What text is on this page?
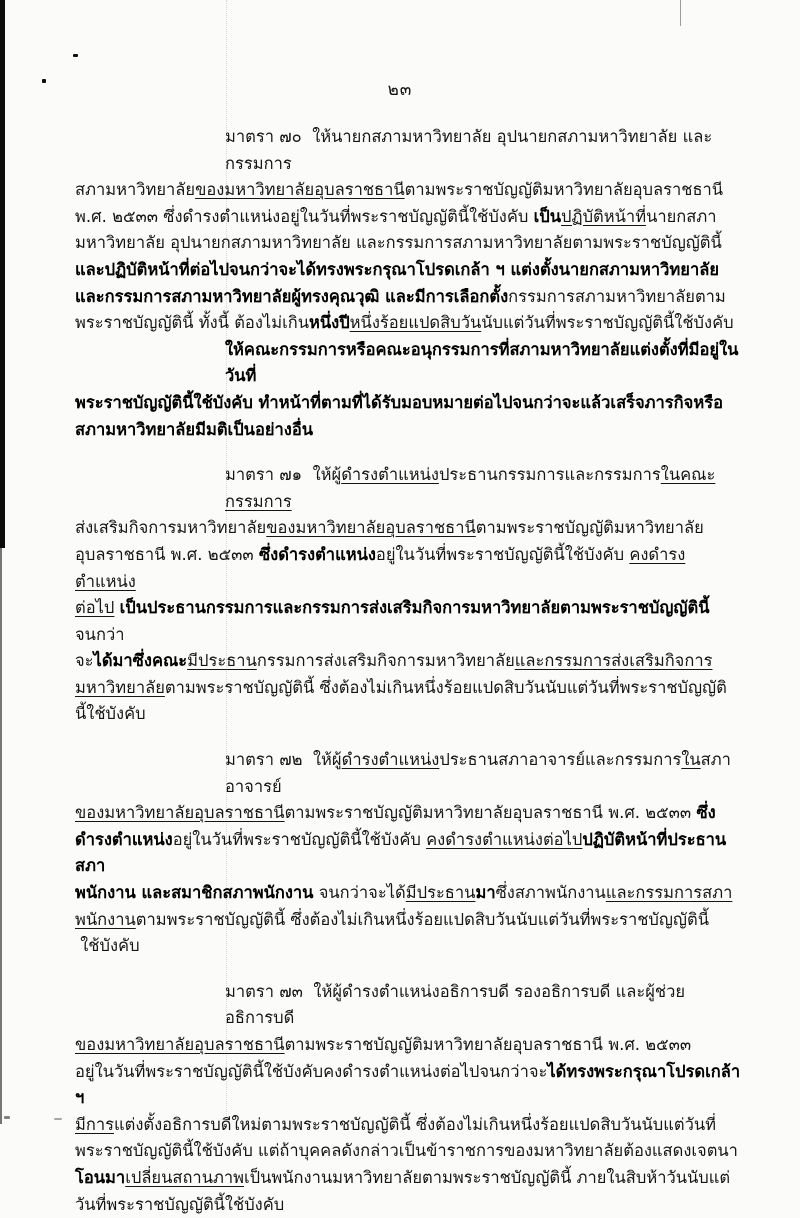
๒๓
มาตรา ๗๐  ให้นายกสภามหาวิทยาลัย อุปนายกสภามหาวิทยาลัย และกรรมการ
สภามหาวิทยาลัยของมหาวิทยาลัยอุบลราชธานีตามพระราชบัญญัติมหาวิทยาลัยอุบลราชธานี
พ.ศ. ๒๕๓๓ ซึ่งดำรงตำแหน่งอยู่ในวันที่พระราชบัญญัตินี้ใช้บังคับ เป็นปฏิบัติหน้าที่นายกสภา
มหาวิทยาลัย อุปนายกสภามหาวิทยาลัย และกรรมการสภามหาวิทยาลัยตามพระราชบัญญัตินี้
และปฏิบัติหน้าที่ต่อไปจนกว่าจะได้ทรงพระกรุณาโปรดเกล้า ฯ แต่งตั้งนายกสภามหาวิทยาลัย
และกรรมการสภามหาวิทยาลัยผู้ทรงคุณวุฒิ และมีการเลือกตั้งกรรมการสภามหาวิทยาลัยตาม
พระราชบัญญัตินี้ ทั้งนี้ ต้องไม่เกินหนึ่งปีหนึ่งร้อยแปดสิบวันนับแต่วันที่พระราชบัญญัตินี้ใช้บังคับ
ให้คณะกรรมการหรือคณะอนุกรรมการที่สภามหาวิทยาลัยแต่งตั้งที่มีอยู่ในวันที่
พระราชบัญญัตินี้ใช้บังคับ ทำหน้าที่ตามที่ได้รับมอบหมายต่อไปจนกว่าจะแล้วเสร็จภารกิจหรือ
สภามหาวิทยาลัยมีมติเป็นอย่างอื่น
มาตรา ๗๑  ให้ผู้ดำรงตำแหน่งประธานกรรมการและกรรมการในคณะกรรมการ
ส่งเสริมกิจการมหาวิทยาลัยของมหาวิทยาลัยอุบลราชธานีตามพระราชบัญญัติมหาวิทยาลัย
อุบลราชธานี พ.ศ. ๒๕๓๓ ซึ่งดำรงตำแหน่งอยู่ในวันที่พระราชบัญญัตินี้ใช้บังคับ คงดำรงตำแหน่ง
ต่อไป เป็นประธานกรรมการและกรรมการส่งเสริมกิจการมหาวิทยาลัยตามพระราชบัญญัตินี้จนกว่า
จะได้มาซึ่งคณะมีประธานกรรมการส่งเสริมกิจการมหาวิทยาลัยและกรรมการส่งเสริมกิจการ
มหาวิทยาลัยตามพระราชบัญญัตินี้ ซึ่งต้องไม่เกินหนึ่งร้อยแปดสิบวันนับแต่วันที่พระราชบัญญัติ
นี้ใช้บังคับ
มาตรา ๗๒  ให้ผู้ดำรงตำแหน่งประธานสภาอาจารย์และกรรมการในสภาอาจารย์
ของมหาวิทยาลัยอุบลราชธานีตามพระราชบัญญัติมหาวิทยาลัยอุบลราชธานี พ.ศ. ๒๕๓๓ ซึ่ง
ดำรงตำแหน่งอยู่ในวันที่พระราชบัญญัตินี้ใช้บังคับ คงดำรงตำแหน่งต่อไปปฏิบัติหน้าที่ประธานสภา
พนักงาน และสมาชิกสภาพนักงาน จนกว่าจะได้มีประธานมาซึ่งสภาพนักงานและกรรมการสภา
พนักงานตามพระราชบัญญัตินี้ ซึ่งต้องไม่เกินหนึ่งร้อยแปดสิบวันนับแต่วันที่พระราชบัญญัตินี้
ใช้บังคับ
มาตรา ๗๓  ให้ผู้ดำรงตำแหน่งอธิการบดี รองอธิการบดี และผู้ช่วยอธิการบดี
ของมหาวิทยาลัยอุบลราชธานีตามพระราชบัญญัติมหาวิทยาลัยอุบลราชธานี พ.ศ. ๒๕๓๓
อยู่ในวันที่พระราชบัญญัตินี้ใช้บังคับคงดำรงตำแหน่งต่อไปจนกว่าจะได้ทรงพระกรุณาโปรดเกล้า ฯ
มีการแต่งตั้งอธิการบดีใหม่ตามพระราชบัญญัตินี้ ซึ่งต้องไม่เกินหนึ่งร้อยแปดสิบวันนับแต่วันที่
พระราชบัญญัตินี้ใช้บังคับ แต่ถ้าบุคคลดังกล่าวเป็นข้าราชการของมหาวิทยาลัยต้องแสดงเจตนา
โอนมาเปลี่ยนสถานภาพเป็นพนักงานมหาวิทยาลัยตามพระราชบัญญัตินี้ ภายในสิบห้าวันนับแต่
วันที่พระราชบัญญัตินี้ใช้บังคับ
